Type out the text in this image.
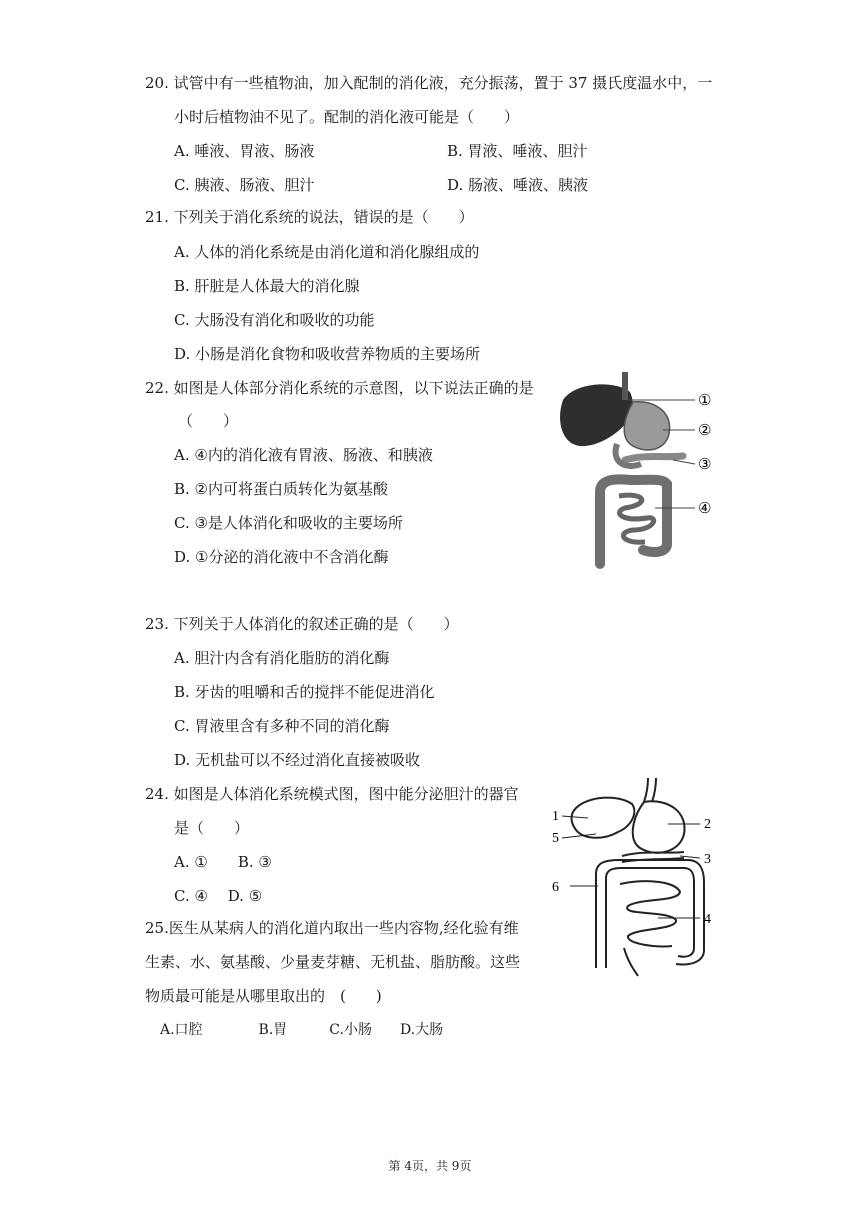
20. 试管中有一些植物油，加入配制的消化液，充分振荡，置于 37 摄氏度温水中，一
小时后植物油不见了。配制的消化液可能是（　　）
A. 唾液、胃液、肠液	B. 胃液、唾液、胆汁
C. 胰液、肠液、胆汁	D. 肠液、唾液、胰液
21. 下列关于消化系统的说法，错误的是（　　）
A. 人体的消化系统是由消化道和消化腺组成的
B. 肝脏是人体最大的消化腺
C. 大肠没有消化和吸收的功能
D. 小肠是消化食物和吸收营养物质的主要场所
22. 如图是人体部分消化系统的示意图，以下说法正确的是
（　　）
A. ④内的消化液有胃液、肠液、和胰液
B. ②内可将蛋白质转化为氨基酸
C. ③是人体消化和吸收的主要场所
D. ①分泌的消化液中不含消化酶
①
②
③
④
23. 下列关于人体消化的叙述正确的是（　　）
A. 胆汁内含有消化脂肪的消化酶
B. 牙齿的咀嚼和舌的搅拌不能促进消化
C. 胃液里含有多种不同的消化酶
D. 无机盐可以不经过消化直接被吸收
24. 如图是人体消化系统模式图，图中能分泌胆汁的器官
是（　　）
A. ①　　B. ③
C. ④　 D. ⑤
25.医生从某病人的消化道内取出一些内容物,经化验有维
生素、水、氨基酸、少量麦芽糖、无机盐、脂肪酸。这些
物质最可能是从哪里取出的　(　　)
A.口腔　　　　B.胃　　　C.小肠　　D.大肠
1
2
3
4
5
6
第 4页，共 9页
